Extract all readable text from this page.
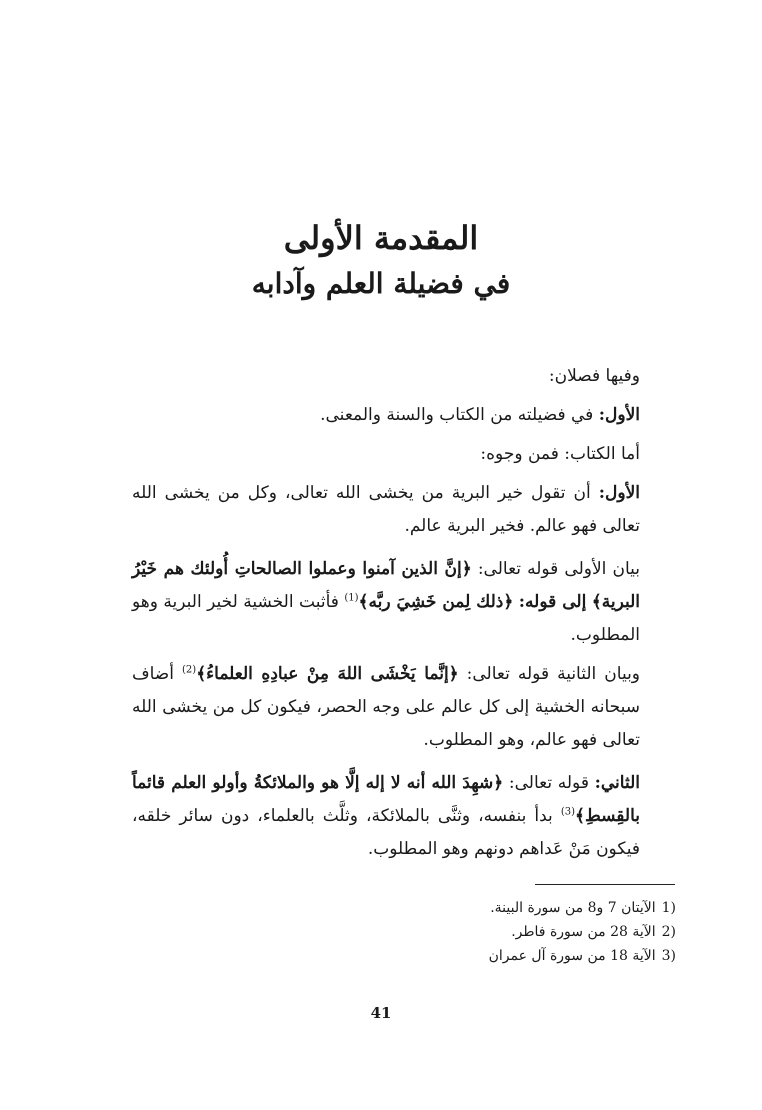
المقدمة الأولى
في فضيلة العلم وآدابه

وفيها فصلان:

الأول: في فضيلته من الكتاب والسنة والمعنى.

أما الكتاب: فمن وجوه:

الأول: أن تقول خير البرية من يخشى الله تعالى، وكل من يخشى الله تعالى فهو عالم. فخير البرية عالم.

بيان الأولى قوله تعالى: ﴿إنَّ الذين آمنوا وعملوا الصالحاتِ أُولئك هم خَيْرُ البرية﴾ إلى قوله: ﴿ذلك لِمن خَشِيَ ربَّه﴾$^{(1)}$ فأثبت الخشية لخير البرية وهو المطلوب.

وبيان الثانية قوله تعالى: ﴿إنَّما يَخْشَى اللهَ مِنْ عبادِهِ العلماءُ﴾$^{(2)}$ أضاف سبحانه الخشية إلى كل عالم على وجه الحصر، فيكون كل من يخشى الله تعالى فهو عالم، وهو المطلوب.

الثاني: قوله تعالى: ﴿شهِدَ الله أنه لا إله إلَّا هو والملائكةُ وأولو العلم قائماً بالقِسطِ﴾$^{(3)}$ بدأ بنفسه، وثنَّى بالملائكة، وثلَّث بالعلماء، دون سائر خلقه، فيكون مَنْ عَداهم دونهم وهو المطلوب.

1)الآيتان 7 و8 من سورة البينة.

2)الآية 28 من سورة فاطر.

3)الآية 18 من سورة آل عمران

41
